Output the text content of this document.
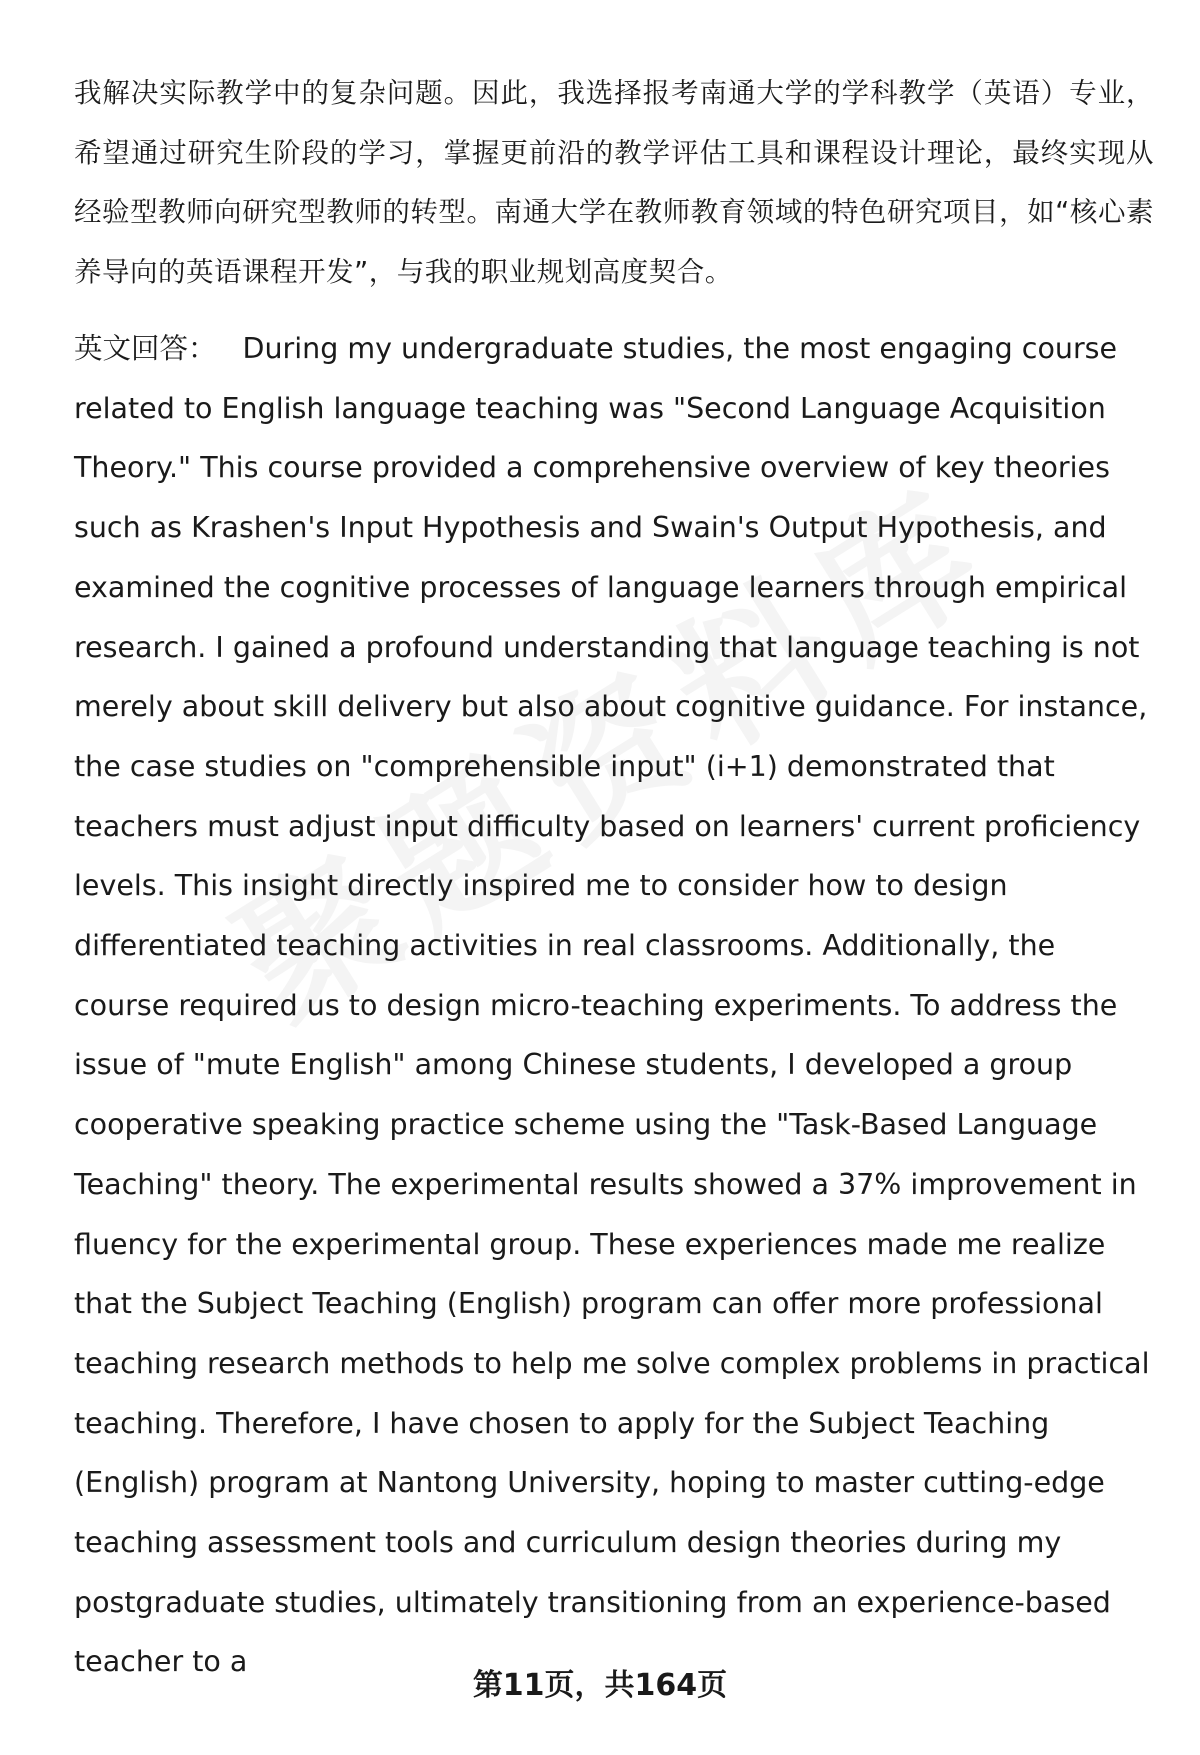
我解决实际教学中的复杂问题。因此，我选择报考南通大学的学科教学（英语）专业，希望通过研究生阶段的学习，掌握更前沿的教学评估工具和课程设计理论，最终实现从经验型教师向研究型教师的转型。南通大学在教师教育领域的特色研究项目，如“核心素养导向的英语课程开发”，与我的职业规划高度契合。

英文回答： During my undergraduate studies, the most engaging course related to English language teaching was "Second Language Acquisition Theory." This course provided a comprehensive overview of key theories such as Krashen's Input Hypothesis and Swain's Output Hypothesis, and examined the cognitive processes of language learners through empirical research. I gained a profound understanding that language teaching is not merely about skill delivery but also about cognitive guidance. For instance, the case studies on "comprehensible input" (i+1) demonstrated that teachers must adjust input difficulty based on learners' current proficiency levels. This insight directly inspired me to consider how to design differentiated teaching activities in real classrooms. Additionally, the course required us to design micro-teaching experiments. To address the issue of "mute English" among Chinese students, I developed a group cooperative speaking practice scheme using the "Task-Based Language Teaching" theory. The experimental results showed a 37% improvement in fluency for the experimental group. These experiences made me realize that the Subject Teaching (English) program can offer more professional teaching research methods to help me solve complex problems in practical teaching. Therefore, I have chosen to apply for the Subject Teaching (English) program at Nantong University, hoping to master cutting-edge teaching assessment tools and curriculum design theories during my postgraduate studies, ultimately transitioning from an experience-based teacher to a

第11页，共164页
